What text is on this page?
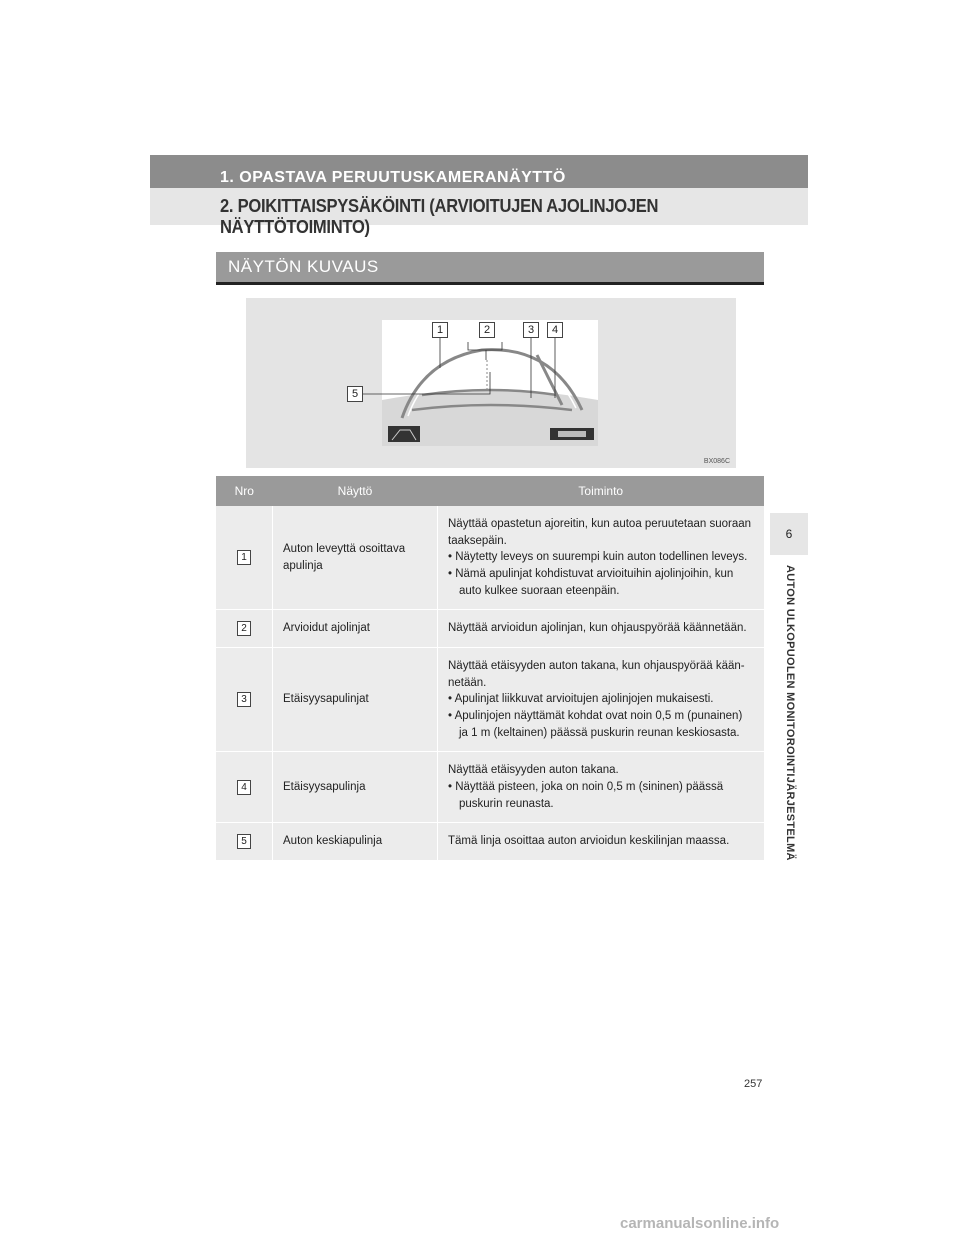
1. OPASTAVA PERUUTUSKAMERANÄYTTÖ
2. POIKITTAISPYSÄKÖINTI (ARVIOITUJEN AJOLINJOJEN NÄYTTÖTOIMINTO)
NÄYTÖN KUVAUS
1	2	3	4
5
BX086C
Nro	Näyttö	Toiminto
1	Auton leveyttä osoittava apulinja	Näyttää opastetun ajoreitin, kun autoa peruutetaan suoraan taaksepäin.
• Näytetty leveys on suurempi kuin auton todellinen leveys.
• Nämä apulinjat kohdistuvat arvioituihin ajolinjoihin, kun auto kulkee suoraan eteenpäin.

2	Arvioidut ajolinjat	Näyttää arvioidun ajolinjan, kun ohjauspyörää käännetään.
3	Etäisyysapulinjat	Näyttää etäisyyden auton takana, kun ohjauspyörää kään-netään.
• Apulinjat liikkuvat arvioitujen ajolinjojen mukaisesti.
• Apulinjojen näyttämät kohdat ovat noin 0,5 m (punainen) ja 1 m (keltainen) päässä puskurin reunan keskiosasta.

4	Etäisyysapulinja	Näyttää etäisyyden auton takana.
• Näyttää pisteen, joka on noin 0,5 m (sininen) päässä puskurin reunasta.

5	Auton keskiapulinja	Tämä linja osoittaa auton arvioidun keskilinjan maassa.
6
AUTON ULKOPUOLEN MONITOROINTIJÄRJESTELMÄ
257
carmanualsonline.info
